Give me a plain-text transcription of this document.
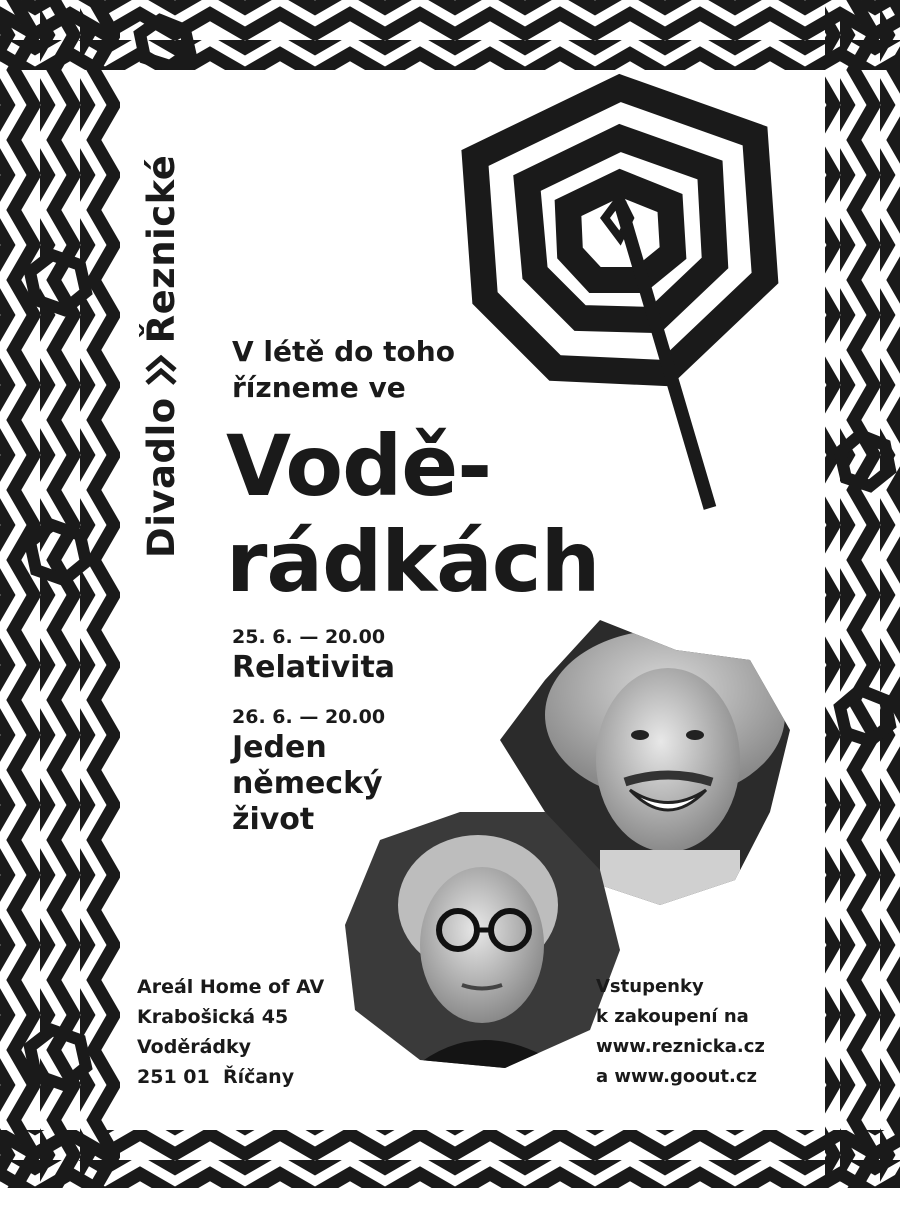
Divadlo
Řeznické
V létě do toho
řízneme ve
Vodě-
rádkách
25. 6. — 20.00
Relativita
26. 6. — 20.00
Jeden
německý
život
Areál Home of AV
Krabošická 45
Voděrádky
251 01  Říčany
Vstupenky
k zakoupení na
www.reznicka.cz
a www.goout.cz
